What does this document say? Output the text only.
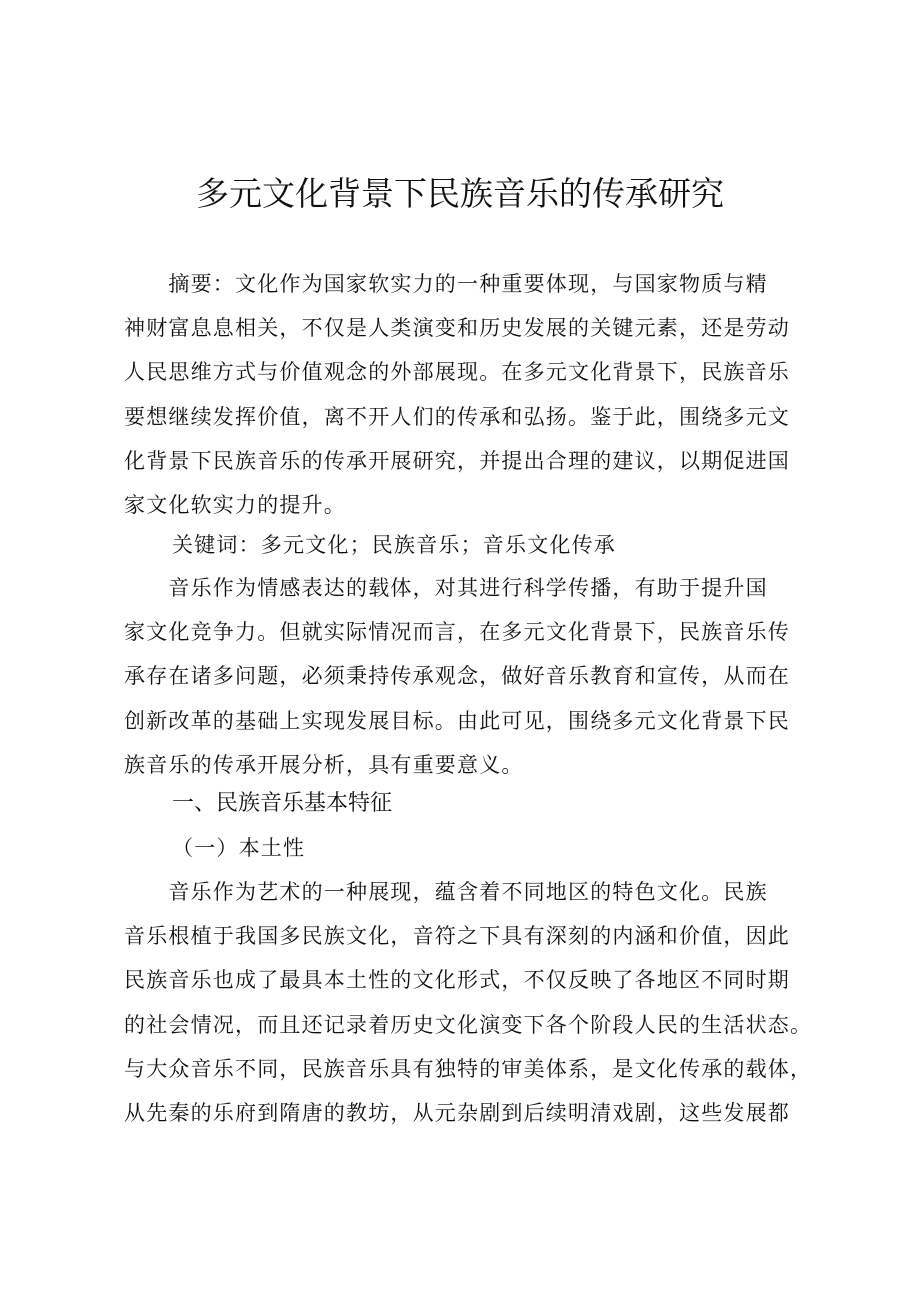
多元文化背景下民族音乐的传承研究
　　摘要：文化作为国家软实力的一种重要体现，与国家物质与精
神财富息息相关，不仅是人类演变和历史发展的关键元素，还是劳动
人民思维方式与价值观念的外部展现。在多元文化背景下，民族音乐
要想继续发挥价值，离不开人们的传承和弘扬。鉴于此，围绕多元文
化背景下民族音乐的传承开展研究，并提出合理的建议，以期促进国
家文化软实力的提升。

关键词：多元文化；民族音乐；音乐文化传承

　　音乐作为情感表达的载体，对其进行科学传播，有助于提升国
家文化竞争力。但就实际情况而言，在多元文化背景下，民族音乐传
承存在诸多问题，必须秉持传承观念，做好音乐教育和宣传，从而在
创新改革的基础上实现发展目标。由此可见，围绕多元文化背景下民
族音乐的传承开展分析，具有重要意义。
一、民族音乐基本特征
（一）本土性
　　音乐作为艺术的一种展现，蕴含着不同地区的特色文化。民族
音乐根植于我国多民族文化，音符之下具有深刻的内涵和价值，因此
民族音乐也成了最具本土性的文化形式，不仅反映了各地区不同时期
的社会情况，而且还记录着历史文化演变下各个阶段人民的生活状态。
与大众音乐不同，民族音乐具有独特的审美体系，是文化传承的载体，
从先秦的乐府到隋唐的教坊，从元杂剧到后续明清戏剧，这些发展都
